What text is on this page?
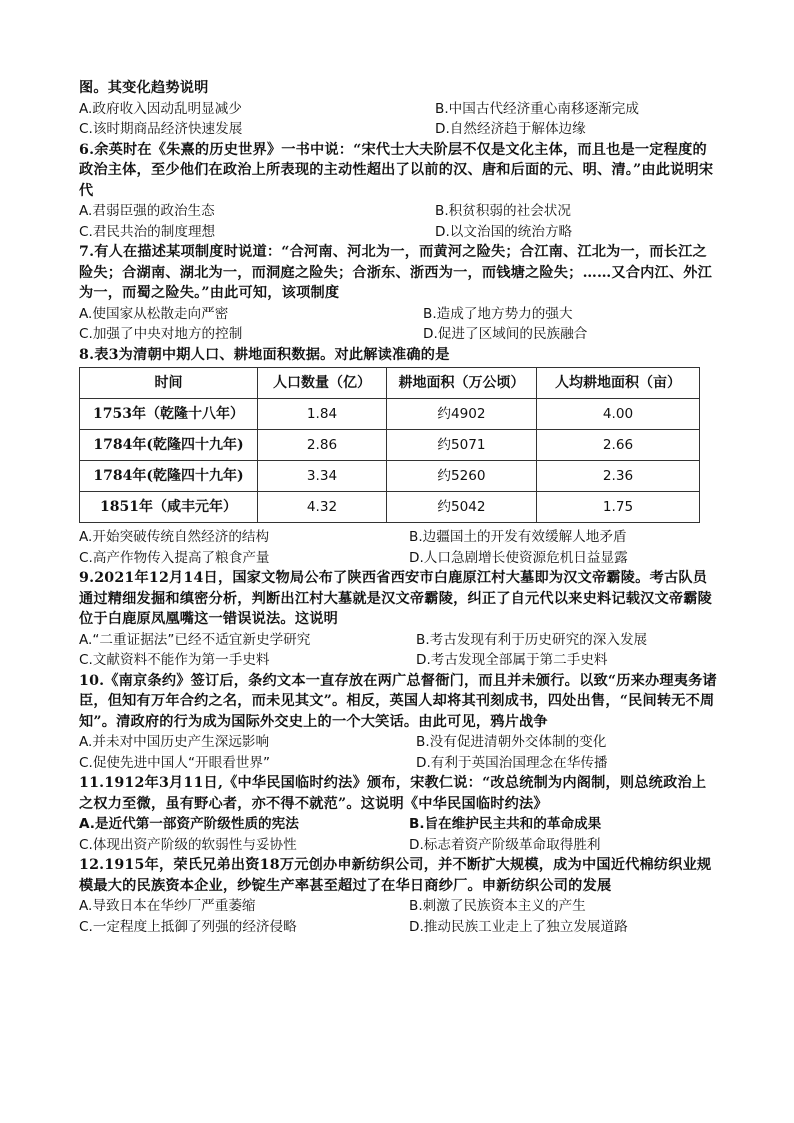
图。其变化趋势说明
A.政府收入因动乱明显减少	B.中国古代经济重心南移逐渐完成
C.该时期商品经济快速发展	D.自然经济趋于解体边缘
6.余英时在《朱熹的历史世界》一书中说：“宋代士大夫阶层不仅是文化主体，而且也是一定程度的政治主体，至少他们在政治上所表现的主动性超出了以前的汉、唐和后面的元、明、清。”由此说明宋代
A.君弱臣强的政治生态	B.积贫积弱的社会状况
C.君民共治的制度理想	D.以文治国的统治方略
7.有人在描述某项制度时说道：“合河南、河北为一，而黄河之险失；合江南、江北为一，而长江之险失；合湖南、湖北为一，而洞庭之险失；合浙东、浙西为一，而钱塘之险失；……又合内江、外江为一，而蜀之险失。”由此可知，该项制度
A.使国家从松散走向严密	B.造成了地方势力的强大
C.加强了中央对地方的控制	D.促进了区域间的民族融合
8.表3为清朝中期人口、耕地面积数据。对此解读准确的是
时间	人口数量（亿）	耕地面积（万公顷）	人均耕地面积（亩）
1753年（乾隆十八年）	1.84	约4902	4.00
1784年(乾隆四十九年)	2.86	约5071	2.66
1784年(乾隆四十九年)	3.34	约5260	2.36
1851年（咸丰元年）	4.32	约5042	1.75
A.开始突破传统自然经济的结构	B.边疆国土的开发有效缓解人地矛盾
C.高产作物传入提高了粮食产量	D.人口急剧增长使资源危机日益显露
9.2021年12月14日，国家文物局公布了陕西省西安市白鹿原江村大墓即为汉文帝霸陵。考古队员通过精细发掘和缜密分析，判断出江村大墓就是汉文帝霸陵，纠正了自元代以来史料记载汉文帝霸陵位于白鹿原凤凰嘴这一错误说法。这说明
A.“二重证据法”已经不适宜新史学研究	B.考古发现有利于历史研究的深入发展
C.文献资料不能作为第一手史料	D.考古发现全部属于第二手史料
10.《南京条约》签订后，条约文本一直存放在两广总督衙门，而且并未颁行。以致“历来办理夷务诸臣，但知有万年合约之名，而未见其文”。相反，英国人却将其刊刻成书，四处出售，“民间转无不周知”。清政府的行为成为国际外交史上的一个大笑话。由此可见，鸦片战争
A.并未对中国历史产生深远影响	B.没有促进清朝外交体制的变化
C.促使先进中国人“开眼看世界”	D.有利于英国治国理念在华传播
11.1912年3月11日,《中华民国临时约法》颁布，宋教仁说：“改总统制为内阁制，则总统政治上之权力至微，虽有野心者，亦不得不就范”。这说明《中华民国临时约法》
A.是近代第一部资产阶级性质的宪法	B.旨在维护民主共和的革命成果
C.体现出资产阶级的软弱性与妥协性	D.标志着资产阶级革命取得胜利
12.1915年，荣氏兄弟出资18万元创办申新纺织公司，并不断扩大规模，成为中国近代棉纺织业规模最大的民族资本企业，纱锭生产率甚至超过了在华日商纱厂。申新纺织公司的发展
A.导致日本在华纱厂严重萎缩	B.刺激了民族资本主义的产生
C.一定程度上抵御了列强的经济侵略	D.推动民族工业走上了独立发展道路
